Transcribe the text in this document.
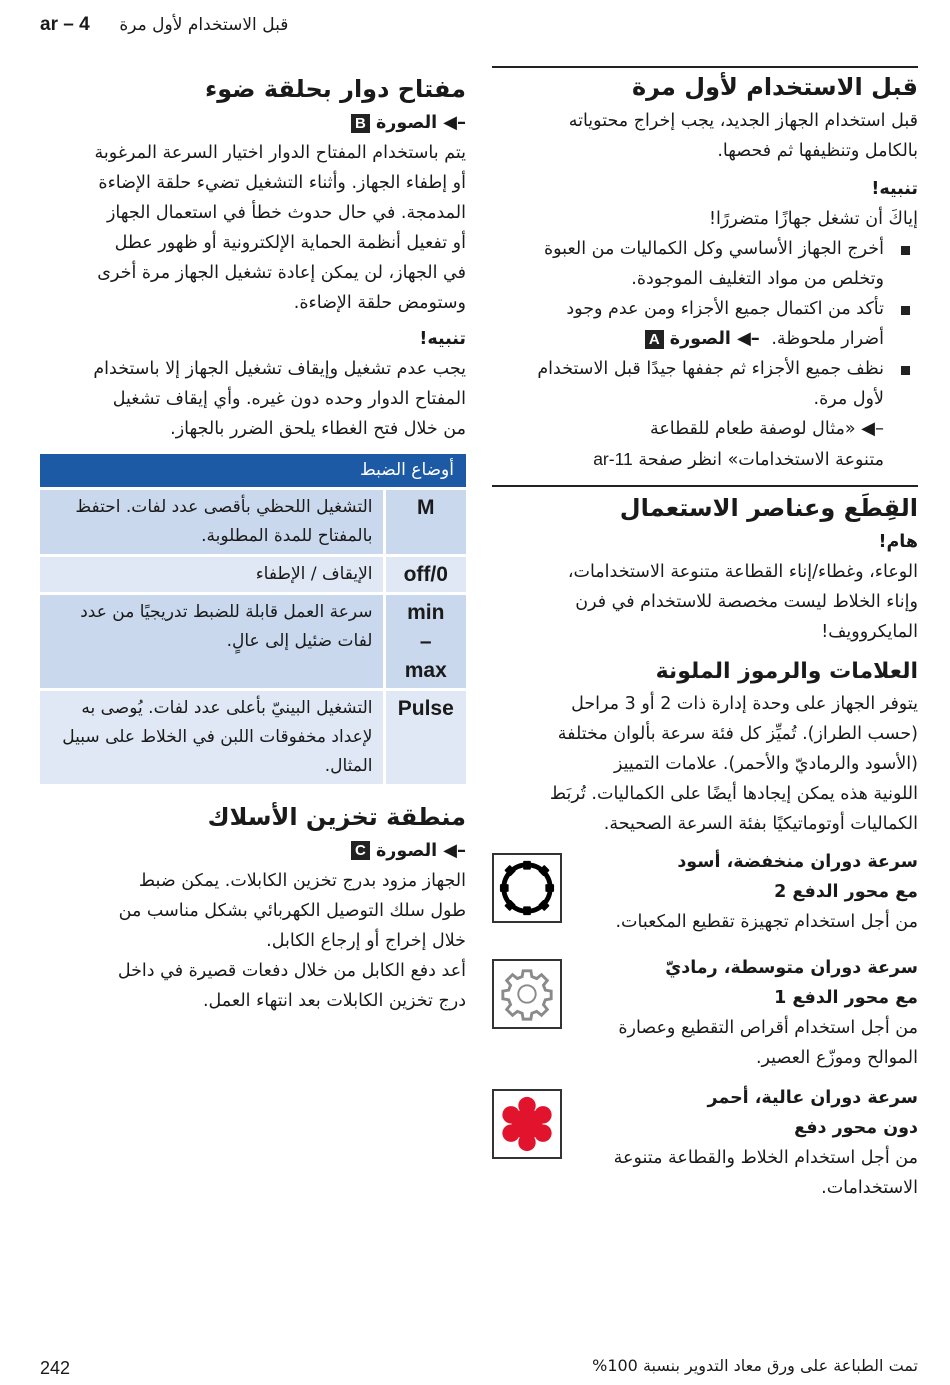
ar – 4 قبل الاستخدام لأول مرة
قبل الاستخدام لأول مرة

قبل استخدام الجهاز الجديد، يجب إخراج محتوياته

بالكامل وتنظيفها ثم فحصها.

تنبيه!

إياكَ أن تشغل جهازًا متضررًا!

أخرج الجهاز الأساسي وكل الكماليات من العبوة
وتخلص من مواد التغليف الموجودة.
تأكد من اكتمال جميع الأجزاء ومن عدم وجود
أضرار ملحوظة.
◀–
الصورة
A
نظف جميع الأجزاء ثم جففها جيدًا قبل الاستخدام
لأول مرة.
◀– «مثال لوصفة طعام للقطاعة
متنوعة الاستخدامات» انظر صفحة ar-11
القِطَع وعناصر الاستعمال
هام!

الوعاء، وغطاء/إناء القطاعة متنوعة الاستخدامات،

وإناء الخلاط ليست مخصصة للاستخدام في فرن

المايكروويف!

العلامات والرموز الملونة

يتوفر الجهاز على وحدة إدارة ذات 2 أو 3 مراحل

(حسب الطراز). تُميِّز كل فئة سرعة بألوان مختلفة

(الأسود والرماديّ والأحمر). علامات التمييز

اللونية هذه يمكن إيجادها أيضًا على الكماليات. تُربَط

الكماليات أوتوماتيكيًا بفئة السرعة الصحيحة.

سرعة دوران منخفضة، أسود
مع محور الدفع 2
من أجل استخدام تجهيزة تقطيع المكعبات.
سرعة دوران متوسطة، رماديّ
مع محور الدفع 1
من أجل استخدام أقراص التقطيع وعصارة
الموالح وموزّع العصير.
سرعة دوران عالية، أحمر
دون محور دفع
من أجل استخدام الخلاط والقطاعة متنوعة
الاستخدامات.
مفتاح دوار بحلقة ضوء
◀–
الصورة
B

يتم باستخدام المفتاح الدوار اختيار السرعة المرغوبة

أو إطفاء الجهاز. وأثناء التشغيل تضيء حلقة الإضاءة

المدمجة. في حال حدوث خطأ في استعمال الجهاز

أو تفعيل أنظمة الحماية الإلكترونية أو ظهور عطل

في الجهاز، لن يمكن إعادة تشغيل الجهاز مرة أخرى

وستومض حلقة الإضاءة.

تنبيه!

يجب عدم تشغيل وإيقاف تشغيل الجهاز إلا باستخدام

المفتاح الدوار وحده دون غيره. وأي إيقاف تشغيل

من خلال فتح الغطاء يلحق الضرر بالجهاز.

أوضاع الضبط	
M	التشغيل اللحظي بأقصى عدد لفات. احتفظ بالمفتاح للمدة المطلوبة.
0/off	الإيقاف / الإطفاء

min
–
max	سرعة العمل قابلة للضبط تدريجيًا من عدد لفات ضئيل إلى عالٍ.
Pulse	التشغيل البينيّ بأعلى عدد لفات. يُوصى به لإعداد مخفوقات اللبن في الخلاط على سبيل المثال.
منطقة تخزين الأسلاك
◀–
الصورة
C

الجهاز مزود بدرج تخزين الكابلات. يمكن ضبط

طول سلك التوصيل الكهربائي بشكل مناسب من

خلال إخراج أو إرجاع الكابل.

أعد دفع الكابل من خلال دفعات قصيرة في داخل

درج تخزين الكابلات بعد انتهاء العمل.

242	تمت الطباعة على ورق معاد التدوير بنسبة 100%
